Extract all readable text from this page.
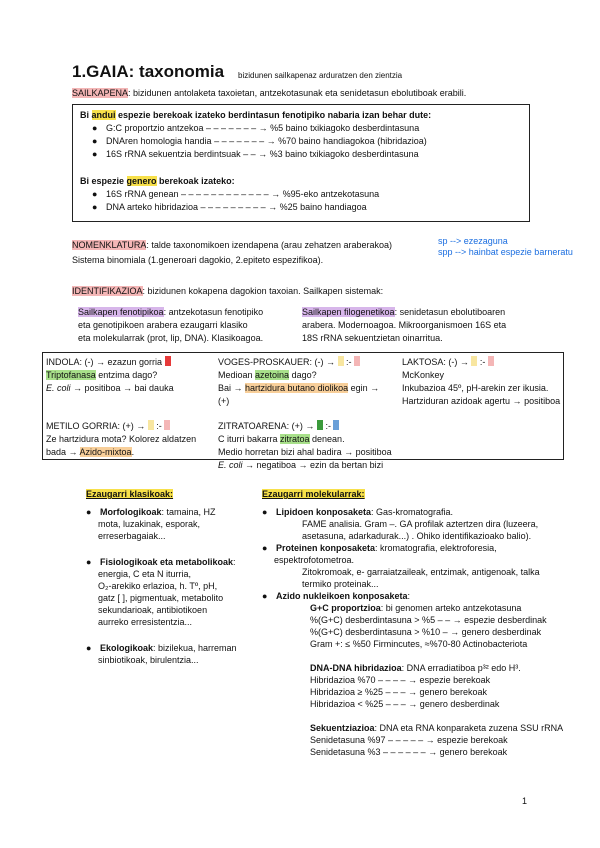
1.GAIA: taxonomia bizidunen sailkapenaz arduratzen den zientzia
SAILKAPENA: bizidunen antolaketa taxoietan, antzekotasunak eta senidetasun ebolutiboak erabili.
Bi andui espezie berekoak izateko berdintasun fenotipiko nabaria izan behar dute:
● G:C proportzio antzekoa – – – – – – – → %5 baino txikiagoko desberdintasuna
● DNAren homologia handia – – – – – – – → %70 baino handiagokoa (hibridazioa)
● 16S rRNA sekuentzia berdintsuak – – → %3 baino txikiagoko desberdintasuna
Bi espezie genero berekoak izateko:
● 16S rRNA genean – – – – – – – – – – – – → %95-eko antzekotasuna
● DNA arteko hibridazioa – – – – – – – – – → %25 baino handiagoa
NOMENKLATURA: talde taxonomikoen izendapena (arau zehatzen araberakoa)
Sistema binomiala (1.generoari dagokio, 2.epiteto espezifikoa).
sp --> ezezaguna
spp --> hainbat espezie barneratu
IDENTIFIKAZIOA: bizidunen kokapena dagokion taxoian. Sailkapen sistemak:
Sailkapen fenotipikoa: antzekotasun fenotipiko
eta genotipikoen arabera ezaugarri klasiko
eta molekularrak (prot, lip, DNA). Klasikoagoa.
Sailkapen filogenetikoa: senidetasun ebolutiboaren
arabera. Modernoagoa. Mikroorganismoen 16S eta
18S rRNA sekuentzietan oinarritua.
INDOLA: (-) → ezazun gorria
Triptofanasa entzima dago?
E. coli → positiboa → bai dauka
VOGES-PROSKAUER: (-) →  :-
Medioan azetoina dago?
Bai → hartzidura butano diolikoa egin →
(+)
LAKTOSA: (-) →  :-
McKonkey
Inkubazioa 45º, pH-arekin zer ikusia.
Hartziduran azidoak agertu → positiboa
METILO GORRIA: (+) →  :-
Ze hartzidura mota? Kolorez aldatzen
bada → Azido-mixtoa.
ZITRATOARENA: (+) →  :-
C iturri bakarra zitratoa denean.
Medio horretan bizi ahal badira → positiboa
E. coli → negatiboa → ezin da bertan bizi
Ezaugarri klasikoak:
● Morfologikoak: tamaina, HZ
mota, luzakinak, esporak,
erreserbagaiak...
● Fisiologikoak eta metabolikoak:
energia, C eta N iturria,
O₂-arekiko erlazioa, h. Tº, pH,
gatz [ ], pigmentuak, metabolito
sekundarioak, antibiotikoen
aurreko erresistentzia...
● Ekologikoak: bizilekua, harreman
sinbiotikoak, birulentzia...
Ezaugarri molekularrak:
● Lipidoen konposaketa: Gas-kromatografia.
FAME analisia. Gram –. GA profilak aztertzen dira (luzeera,
asetasuna, adarkadurak...) . Ohiko identifikazioako balio).
● Proteinen konposaketa: kromatografia, elektroforesia,
espektrofotometroa.
Zitokromoak, e- garraiatzaileak, entzimak, antigenoak, talka
termiko proteinak...
● Azido nukleikoen konposaketa:
G+C proportzioa: bi genomen arteko antzekotasuna
%(G+C) desberdintasuna > %5 – – → espezie desberdinak
%(G+C) desberdintasuna > %10 – → genero desberdinak
Gram +: ≤ %50 Firmincutes, ≈%70-80 Actinobacteriota
DNA-DNA hibridazioa: DNA erradiatiboa p³² edo H³.
Hibridazioa %70 – – – – → espezie berekoak
Hibridazioa ≥ %25 – – – → genero berekoak
Hibridazioa < %25 – – – → genero desberdinak
Sekuentziazioa: DNA eta RNA konparaketa zuzena SSU rRNA
Senidetasuna %97 – – – – – → espezie berekoak
Senidetasuna %3 – – – – – – → genero berekoak
1
